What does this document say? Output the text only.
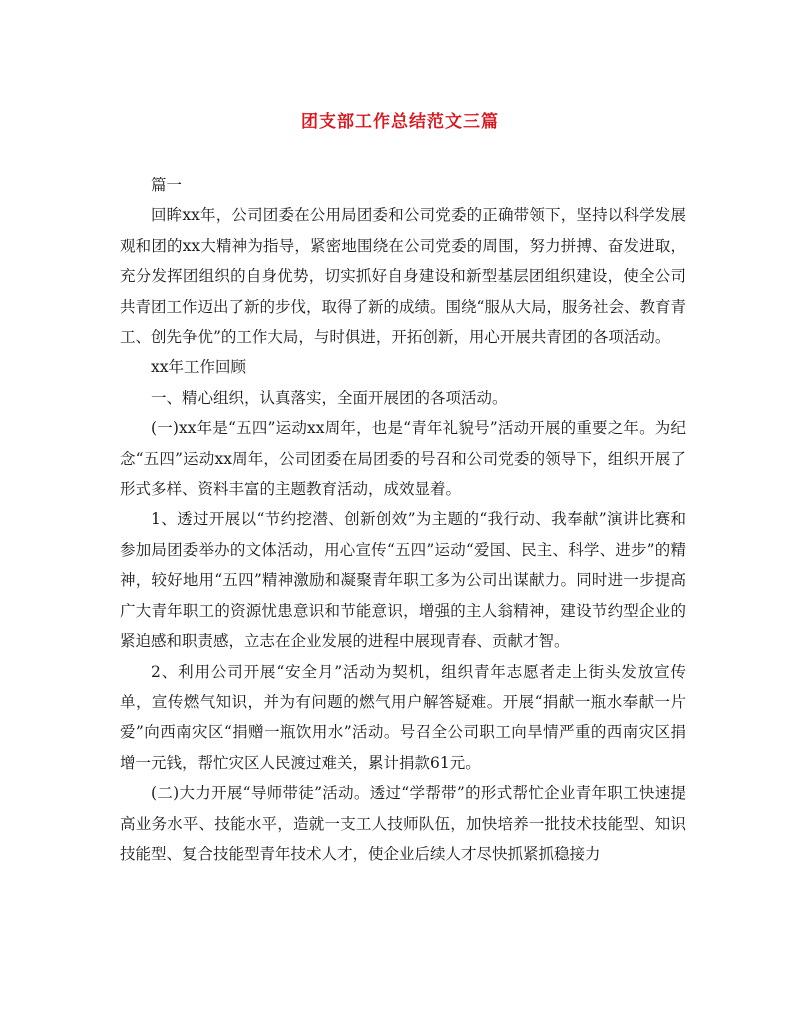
团支部工作总结范文三篇

篇一

回眸xx年，公司团委在公用局团委和公司党委的正确带领下，坚持以科学发展观和团的xx大精神为指导，紧密地围绕在公司党委的周围，努力拼搏、奋发进取，充分发挥团组织的自身优势，切实抓好自身建设和新型基层团组织建设，使全公司共青团工作迈出了新的步伐，取得了新的成绩。围绕“服从大局，服务社会、教育青工、创先争优”的工作大局，与时俱进，开拓创新，用心开展共青团的各项活动。

xx年工作回顾

一、精心组织，认真落实，全面开展团的各项活动。

(一)xx年是“五四”运动xx周年，也是“青年礼貌号”活动开展的重要之年。为纪念“五四”运动xx周年，公司团委在局团委的号召和公司党委的领导下，组织开展了形式多样、资料丰富的主题教育活动，成效显着。

1、透过开展以“节约挖潜、创新创效”为主题的“我行动、我奉献”演讲比赛和参加局团委举办的文体活动，用心宣传“五四”运动“爱国、民主、科学、进步”的精神，较好地用“五四”精神激励和凝聚青年职工多为公司出谋献力。同时进一步提高广大青年职工的资源忧患意识和节能意识，增强的主人翁精神，建设节约型企业的紧迫感和职责感，立志在企业发展的进程中展现青春、贡献才智。

2、利用公司开展“安全月”活动为契机，组织青年志愿者走上街头发放宣传单，宣传燃气知识，并为有问题的燃气用户解答疑难。开展“捐献一瓶水奉献一片爱”向西南灾区“捐赠一瓶饮用水”活动。号召全公司职工向旱情严重的西南灾区捐增一元钱，帮忙灾区人民渡过难关，累计捐款61元。

(二)大力开展“导师带徒”活动。透过“学帮带”的形式帮忙企业青年职工快速提高业务水平、技能水平，造就一支工人技师队伍，加快培养一批技术技能型、知识技能型、复合技能型青年技术人才，使企业后续人才尽快抓紧抓稳接力
